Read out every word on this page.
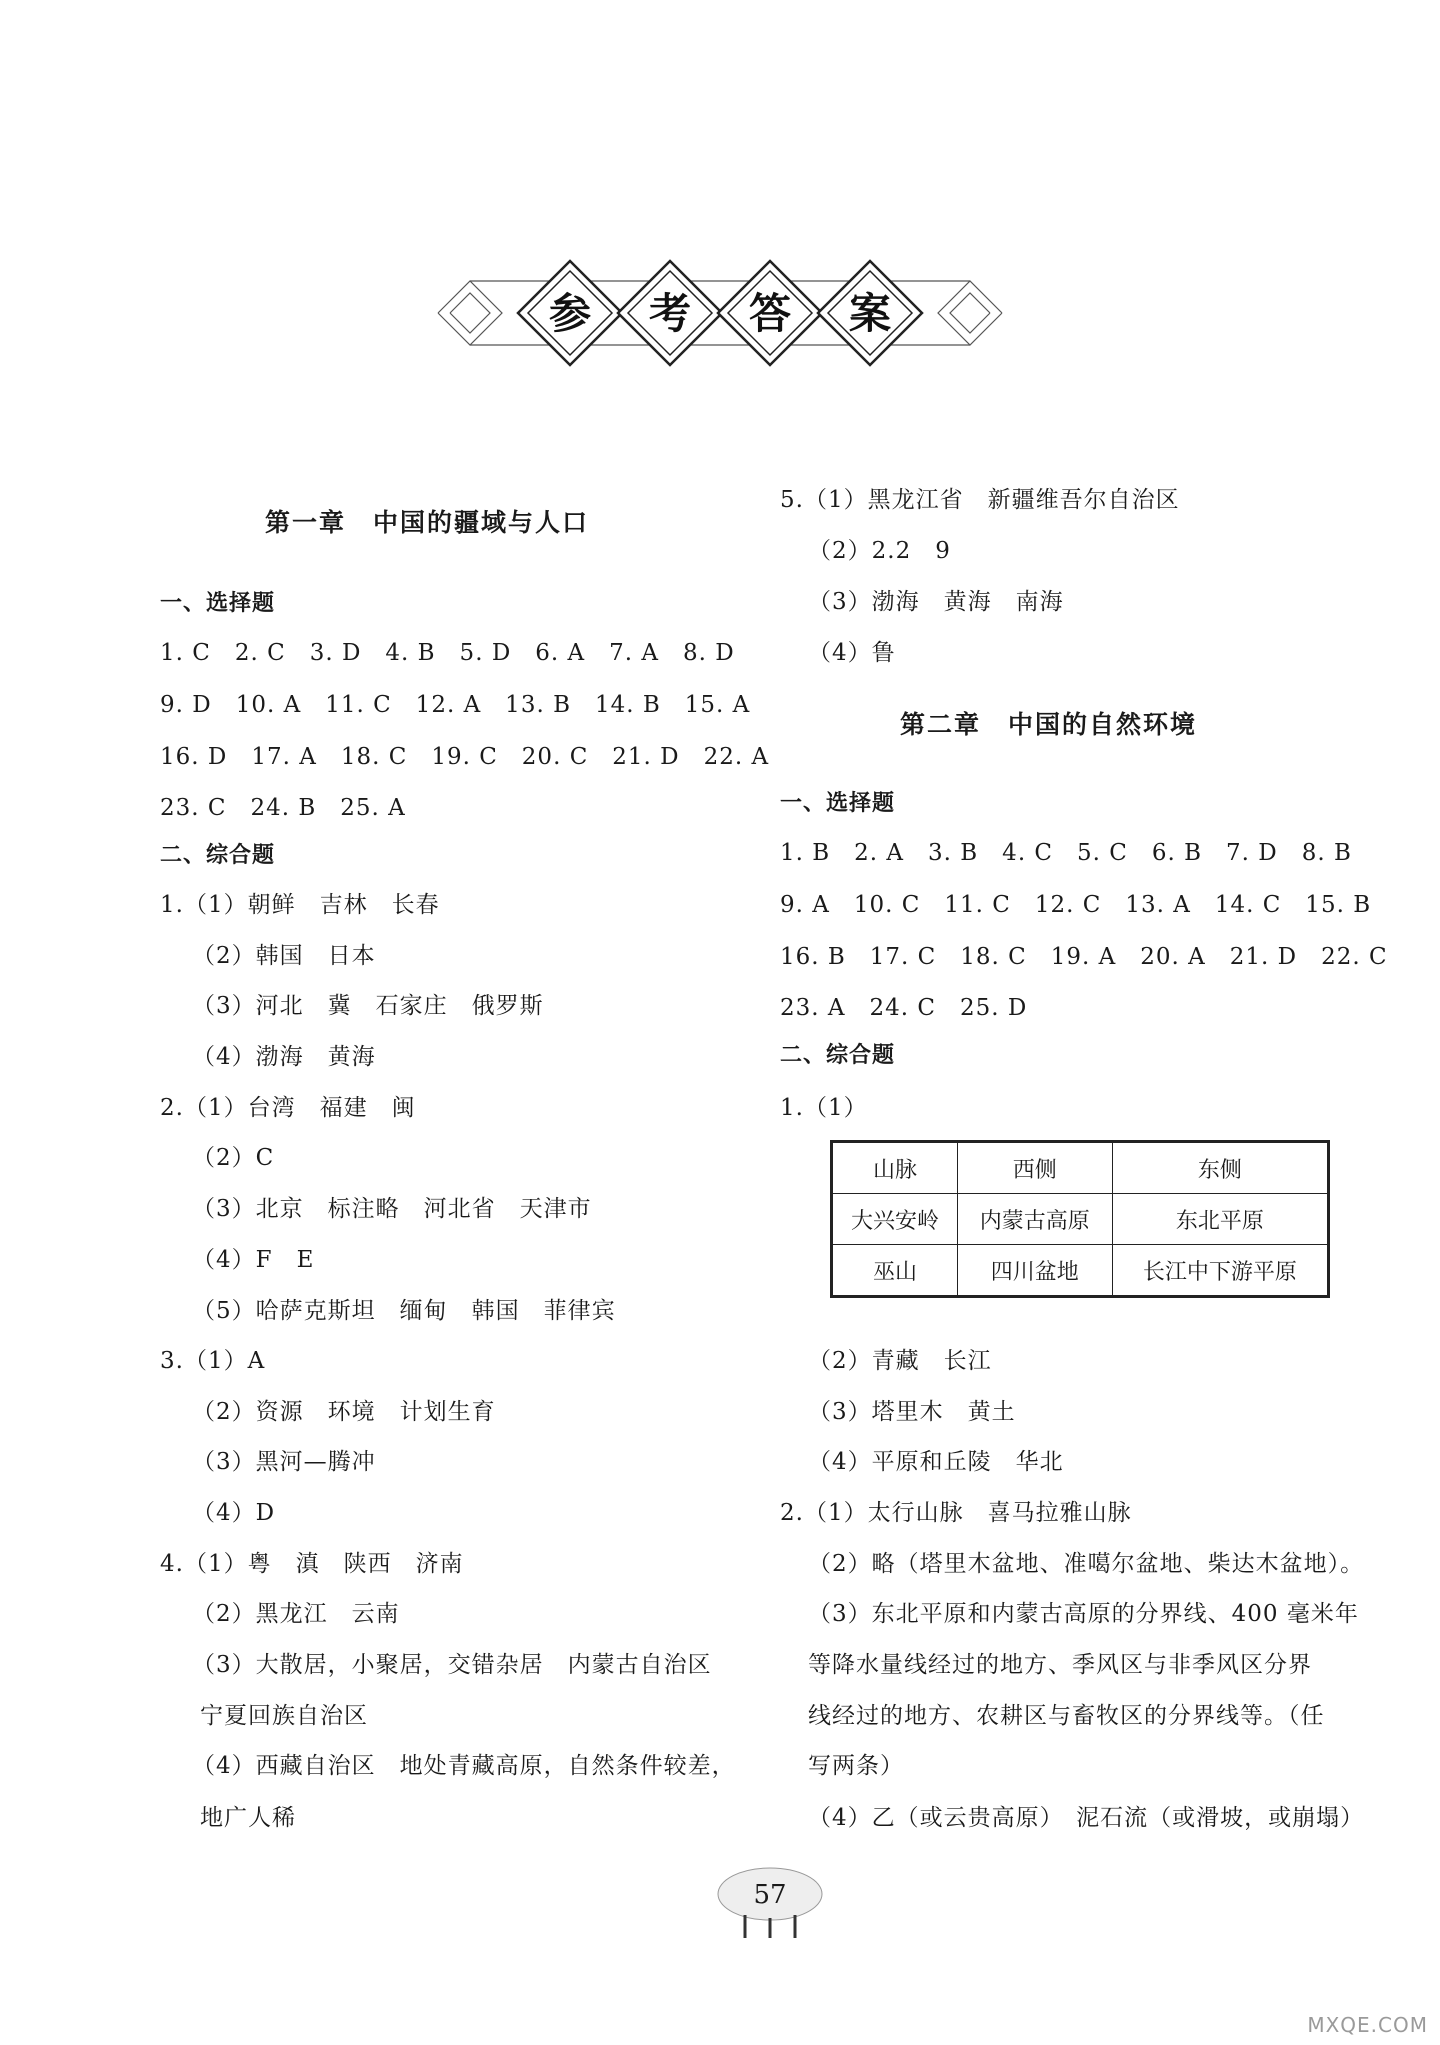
参 考 答 案
第一章　中国的疆域与人口
一、选择题
1. C　2. C　3. D　4. B　5. D　6. A　7. A　8. D
9. D　10. A　11. C　12. A　13. B　14. B　15. A
16. D　17. A　18. C　19. C　20. C　21. D　22. A
23. C　24. B　25. A
二、综合题
1.（1）朝鲜　吉林　长春
（2）韩国　日本
（3）河北　冀　石家庄　俄罗斯
（4）渤海　黄海
2.（1）台湾　福建　闽
（2）C
（3）北京　标注略　河北省　天津市
（4）F　E
（5）哈萨克斯坦　缅甸　韩国　菲律宾
3.（1）A
（2）资源　环境　计划生育
（3）黑河—腾冲
（4）D
4.（1）粤　滇　陕西　济南
（2）黑龙江　云南
（3）大散居，小聚居，交错杂居　内蒙古自治区
宁夏回族自治区
（4）西藏自治区　地处青藏高原，自然条件较差，
地广人稀
5.（1）黑龙江省　新疆维吾尔自治区
（2）2.2　9
（3）渤海　黄海　南海
（4）鲁
第二章　中国的自然环境
一、选择题
1. B　2. A　3. B　4. C　5. C　6. B　7. D　8. B
9. A　10. C　11. C　12. C　13. A　14. C　15. B
16. B　17. C　18. C　19. A　20. A　21. D　22. C
23. A　24. C　25. D
二、综合题
1.（1）
山脉	西侧	东侧
大兴安岭	内蒙古高原	东北平原
巫山	四川盆地	长江中下游平原
（2）青藏　长江
（3）塔里木　黄土
（4）平原和丘陵　华北
2.（1）太行山脉　喜马拉雅山脉
（2）略（塔里木盆地、准噶尔盆地、柴达木盆地）。
（3）东北平原和内蒙古高原的分界线、400 毫米年
等降水量线经过的地方、季风区与非季风区分界
线经过的地方、农耕区与畜牧区的分界线等。（任
写两条）
（4）乙（或云贵高原）　泥石流（或滑坡，或崩塌）
57
MXQE.COM
